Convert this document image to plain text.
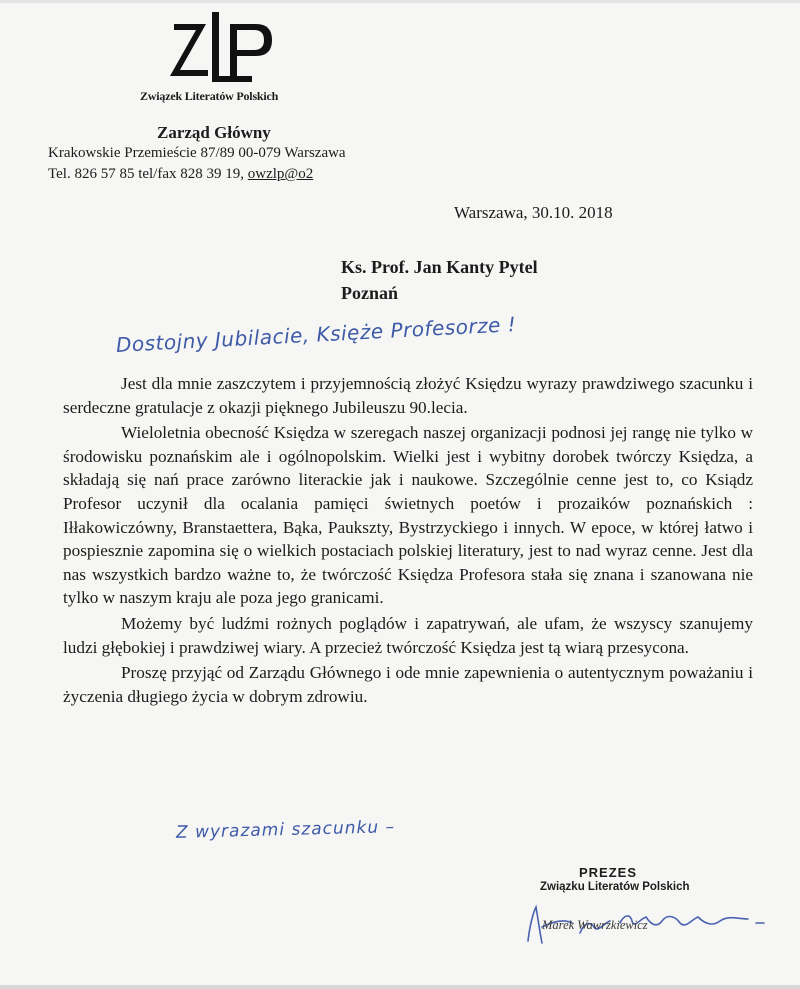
Związek Literatów Polskich
Zarząd Główny
Krakowskie Przemieście 87/89 00-079 Warszawa
Tel. 826 57 85 tel/fax 828 39 19, owzlp@o2
Warszawa, 30.10. 2018
Ks. Prof. Jan Kanty Pytel
Poznań
Dostojny Jubilacie, Księże Profesorze !

Jest dla mnie zaszczytem i przyjemnością złożyć Księdzu wyrazy prawdziwego szacunku i serdeczne gratulacje z okazji pięknego Jubileuszu 90.lecia.

Wieloletnia obecność Księdza w szeregach naszej organizacji podnosi jej rangę nie tylko w środowisku poznańskim ale i ogólnopolskim. Wielki jest i wybitny dorobek twórczy Księdza, a składają się nań prace zarówno literackie jak i naukowe. Szczególnie cenne jest to, co Ksiądz Profesor uczynił dla ocalania pamięci świetnych poetów i prozaików poznańskich : Iłłakowiczówny, Branstaettera, Bąka, Paukszty, Bystrzyckiego i innych. W epoce, w której łatwo i pospiesznie zapomina się o wielkich postaciach polskiej literatury, jest to nad wyraz cenne. Jest dla nas wszystkich bardzo ważne to, że twórczość Księdza Profesora stała się znana i szanowana nie tylko w naszym kraju ale poza jego granicami.

Możemy być ludźmi rożnych poglądów i zapatrywań, ale ufam, że wszyscy szanujemy ludzi głębokiej i prawdziwej wiary. A przecież twórczość Księdza jest tą wiarą przesycona.

Proszę przyjąć od Zarządu Głównego i ode mnie zapewnienia o autentycznym poważaniu i życzenia długiego życia w dobrym zdrowiu.

Z wyrazami szacunku –
PREZES
Związku Literatów Polskich
Marek Wawrzkiewicz
